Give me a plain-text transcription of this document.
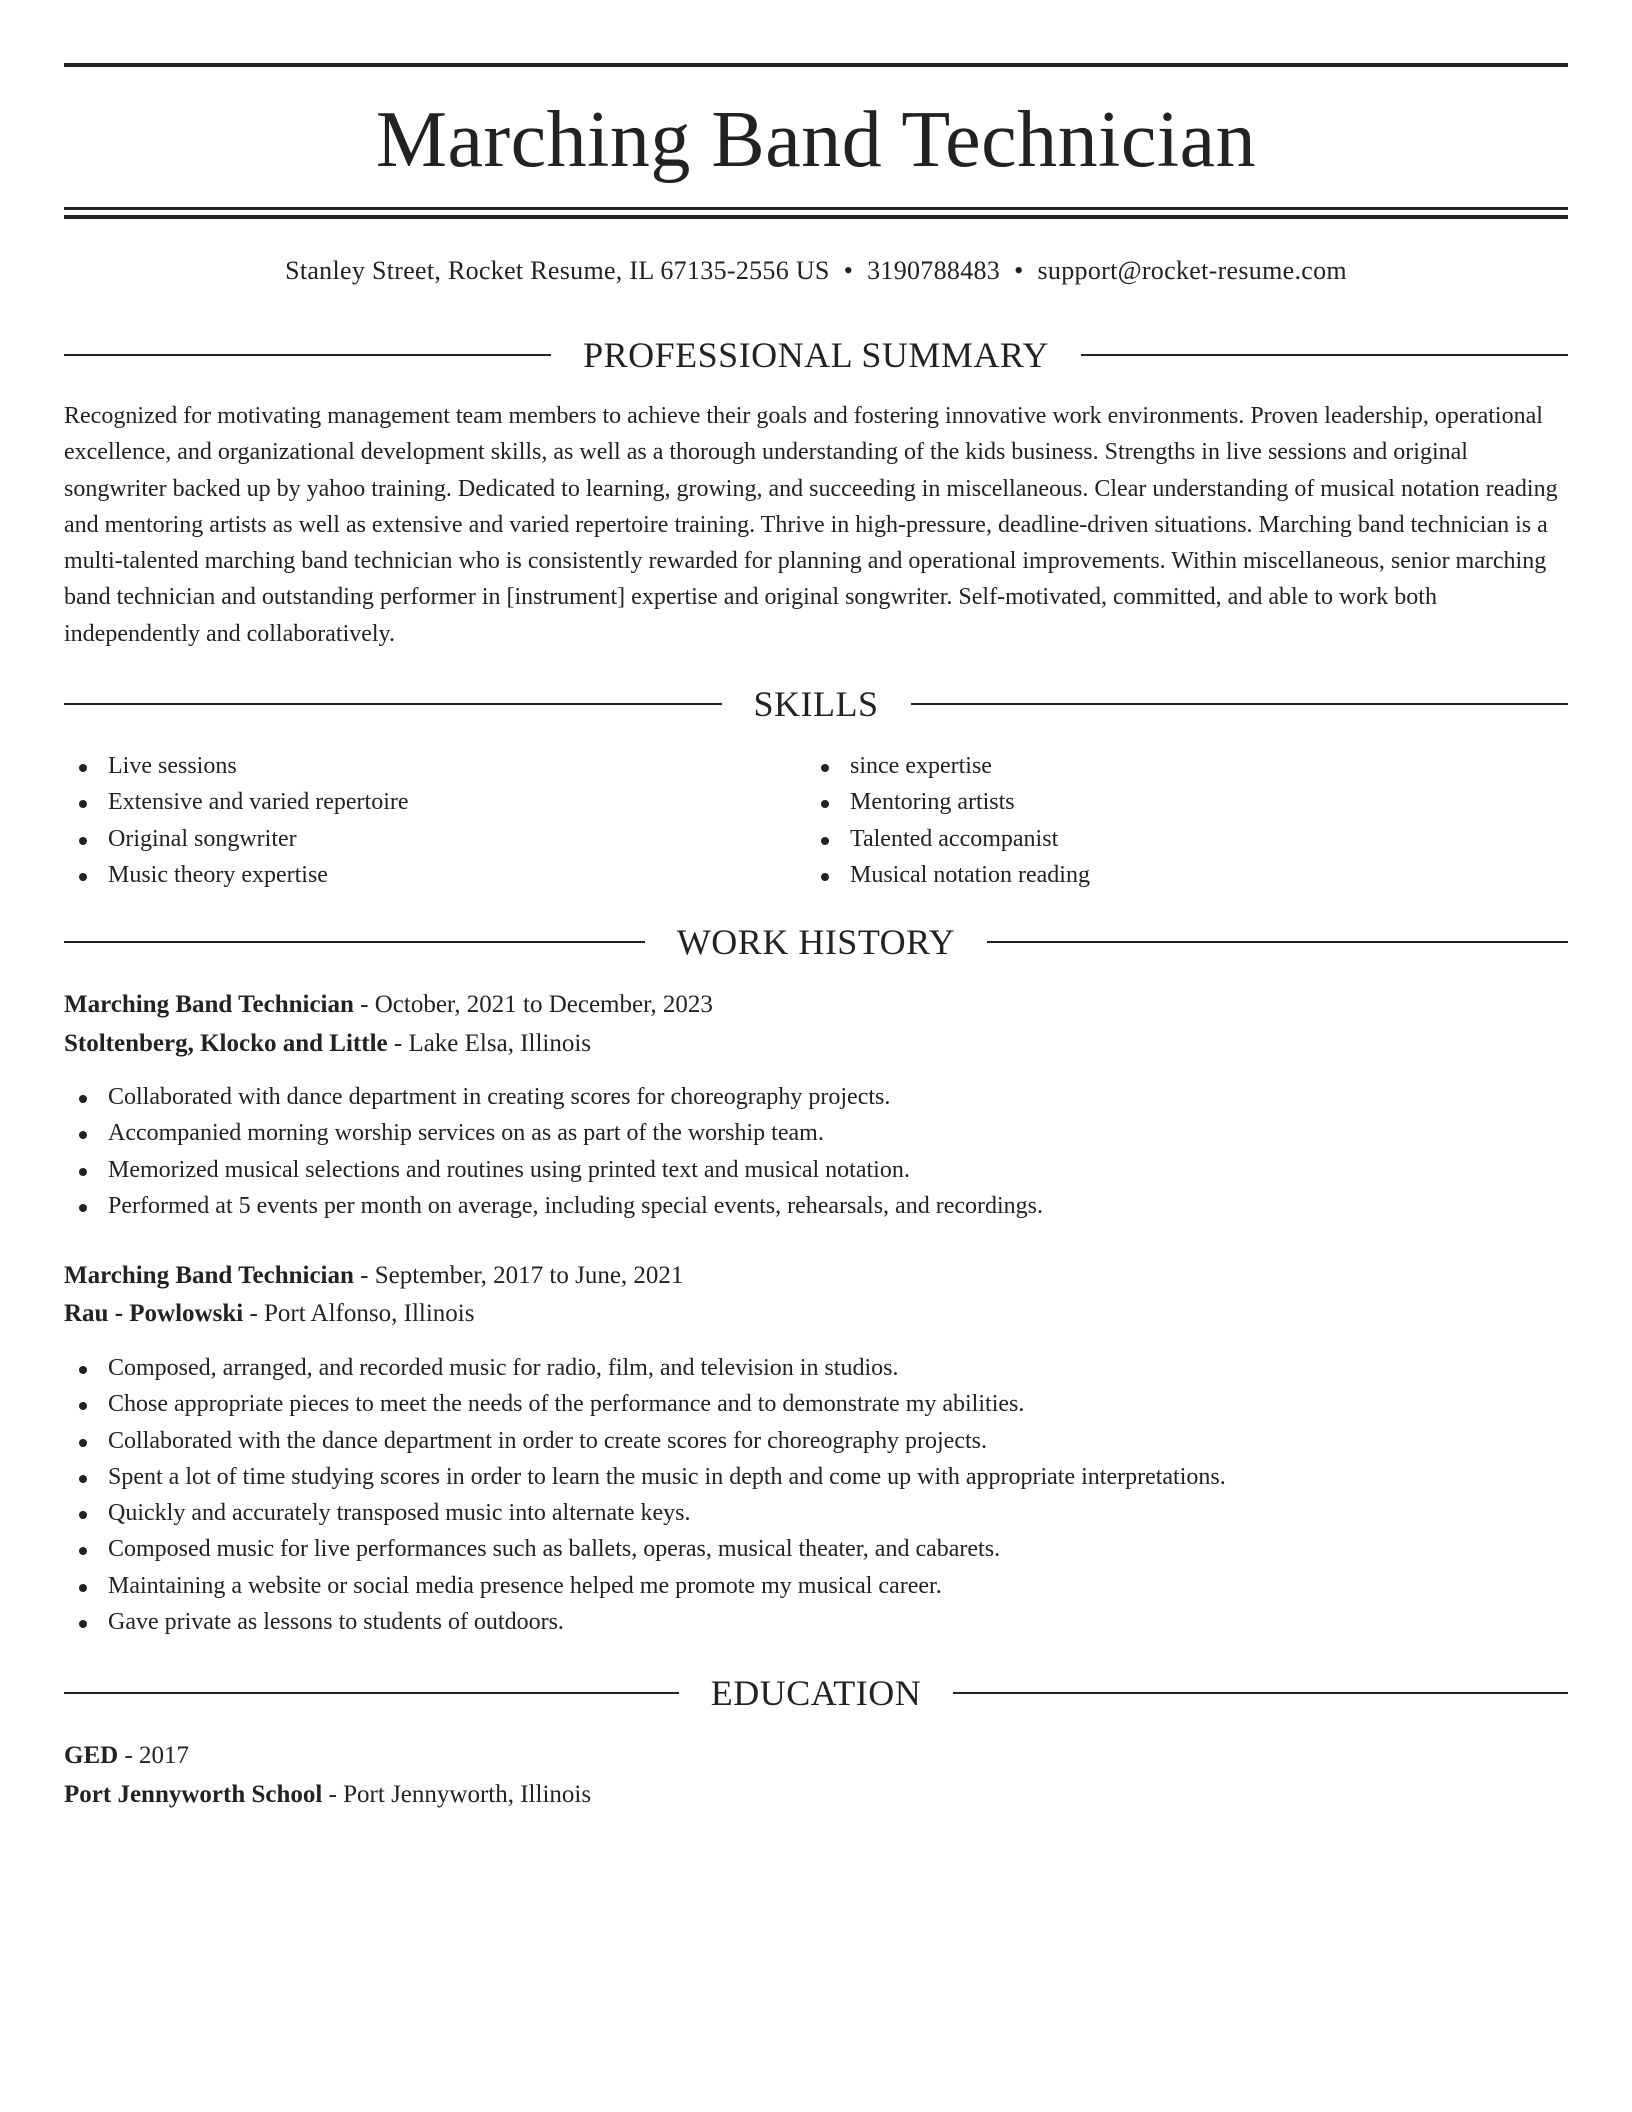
Marching Band Technician
Stanley Street, Rocket Resume, IL 67135-2556 US • 3190788483 • support@rocket-resume.com
PROFESSIONAL SUMMARY

Recognized for motivating management team members to achieve their goals and fostering innovative work environments. Proven leadership, operational excellence, and organizational development skills, as well as a thorough understanding of the kids business. Strengths in live sessions and original songwriter backed up by yahoo training. Dedicated to learning, growing, and succeeding in miscellaneous. Clear understanding of musical notation reading and mentoring artists as well as extensive and varied repertoire training. Thrive in high-pressure, deadline-driven situations. Marching band technician is a multi-talented marching band technician who is consistently rewarded for planning and operational improvements. Within miscellaneous, senior marching band technician and outstanding performer in [instrument] expertise and original songwriter. Self-motivated, committed, and able to work both independently and collaboratively.

SKILLS
Live sessions
Extensive and varied repertoire
Original songwriter
Music theory expertise
since expertise
Mentoring artists
Talented accompanist
Musical notation reading
WORK HISTORY
Marching Band Technician - October, 2021 to December, 2023
Stoltenberg, Klocko and Little - Lake Elsa, Illinois
Collaborated with dance department in creating scores for choreography projects.
Accompanied morning worship services on as as part of the worship team.
Memorized musical selections and routines using printed text and musical notation.
Performed at 5 events per month on average, including special events, rehearsals, and recordings.
Marching Band Technician - September, 2017 to June, 2021
Rau - Powlowski - Port Alfonso, Illinois
Composed, arranged, and recorded music for radio, film, and television in studios.
Chose appropriate pieces to meet the needs of the performance and to demonstrate my abilities.
Collaborated with the dance department in order to create scores for choreography projects.
Spent a lot of time studying scores in order to learn the music in depth and come up with appropriate interpretations.
Quickly and accurately transposed music into alternate keys.
Composed music for live performances such as ballets, operas, musical theater, and cabarets.
Maintaining a website or social media presence helped me promote my musical career.
Gave private as lessons to students of outdoors.
EDUCATION
GED - 2017
Port Jennyworth School - Port Jennyworth, Illinois
